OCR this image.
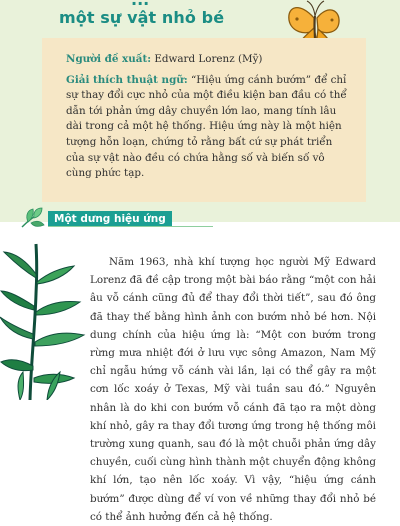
một sự vật nhỏ bé
Người đề xuất: Edward Lorenz (Mỹ)
Giải thích thuật ngữ: “Hiệu ứng cánh bướm” để chỉ sự thay đổi cực nhỏ của một điều kiện ban đầu có thể dẫn tới phản ứng dây chuyền lớn lao, mang tính lâu dài trong cả một hệ thống. Hiệu ứng này là một hiện tượng hỗn loạn, chứng tỏ rằng bất cứ sự phát triển của sự vật nào đều có chứa hằng số và biến số vô cùng phức tạp.
Một dưng hiệu ứng
Năm 1963, nhà khí tượng học người Mỹ Edward Lorenz đã đề cập trong một bài báo rằng “một con hải âu vỗ cánh cũng đủ để thay đổi thời tiết”, sau đó ông đã thay thế bằng hình ảnh con bướm nhỏ bé hơn. Nội dung chính của hiệu ứng là: “Một con bướm trong rừng mưa nhiệt đới ở lưu vực sông Amazon, Nam Mỹ chỉ ngẫu hứng vỗ cánh vài lần, lại có thể gây ra một cơn lốc xoáy ở Texas, Mỹ vài tuần sau đó.” Nguyên nhân là do khi con bướm vỗ cánh đã tạo ra một dòng khí nhỏ, gây ra thay đổi tương ứng trong hệ thống môi trường xung quanh, sau đó là một chuỗi phản ứng dây chuyền, cuối cùng hình thành một chuyển động không khí lớn, tạo nên lốc xoáy. Vì vậy, “hiệu ứng cánh bướm” được dùng để ví von về những thay đổi nhỏ bé có thể ảnh hưởng đến cả hệ thống.
